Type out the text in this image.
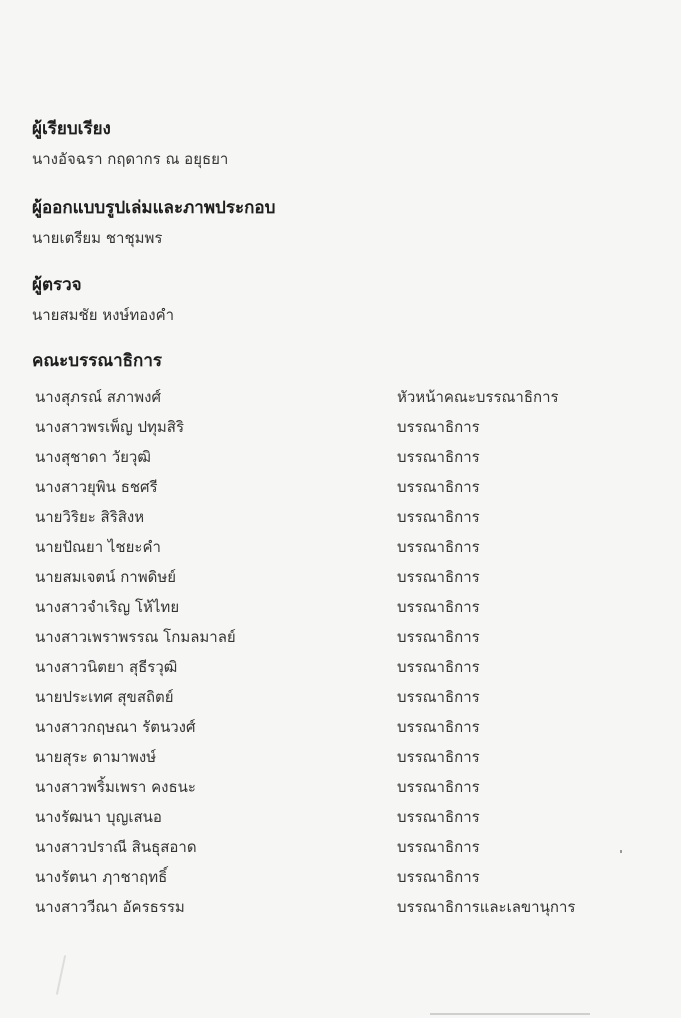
ผู้เรียบเรียง
นางอัจฉรา กฤดากร ณ อยุธยา
ผู้ออกแบบรูปเล่มและภาพประกอบ
นายเตรียม ชาชุมพร
ผู้ตรวจ
นายสมชัย หงษ์ทองคำ
คณะบรรณาธิการ
นางสุภรณ์ สภาพงศ์	หัวหน้าคณะบรรณาธิการ
นางสาวพรเพ็ญ ปทุมสิริ	บรรณาธิการ
นางสุชาดา วัยวุฒิ	บรรณาธิการ
นางสาวยุพิน ธชศรี	บรรณาธิการ
นายวิริยะ สิริสิงห	บรรณาธิการ
นายปัณยา ไชยะคำ	บรรณาธิการ
นายสมเจตน์ กาพดิษย์	บรรณาธิการ
นางสาวจำเริญ โห้ไทย	บรรณาธิการ
นางสาวเพราพรรณ โกมลมาลย์	บรรณาธิการ
นางสาวนิตยา สุธีรวุฒิ	บรรณาธิการ
นายประเทศ สุขสถิตย์	บรรณาธิการ
นางสาวกฤษณา รัตนวงศ์	บรรณาธิการ
นายสุระ ดามาพงษ์	บรรณาธิการ
นางสาวพริ้มเพรา คงธนะ	บรรณาธิการ
นางรัฒนา บุญเสนอ	บรรณาธิการ
นางสาวปราณี สินธุสอาด	บรรณาธิการ
นางรัตนา ฦาชาฤทธิ์	บรรณาธิการ
นางสาววีณา อัครธรรม	บรรณาธิการและเลขานุการ
